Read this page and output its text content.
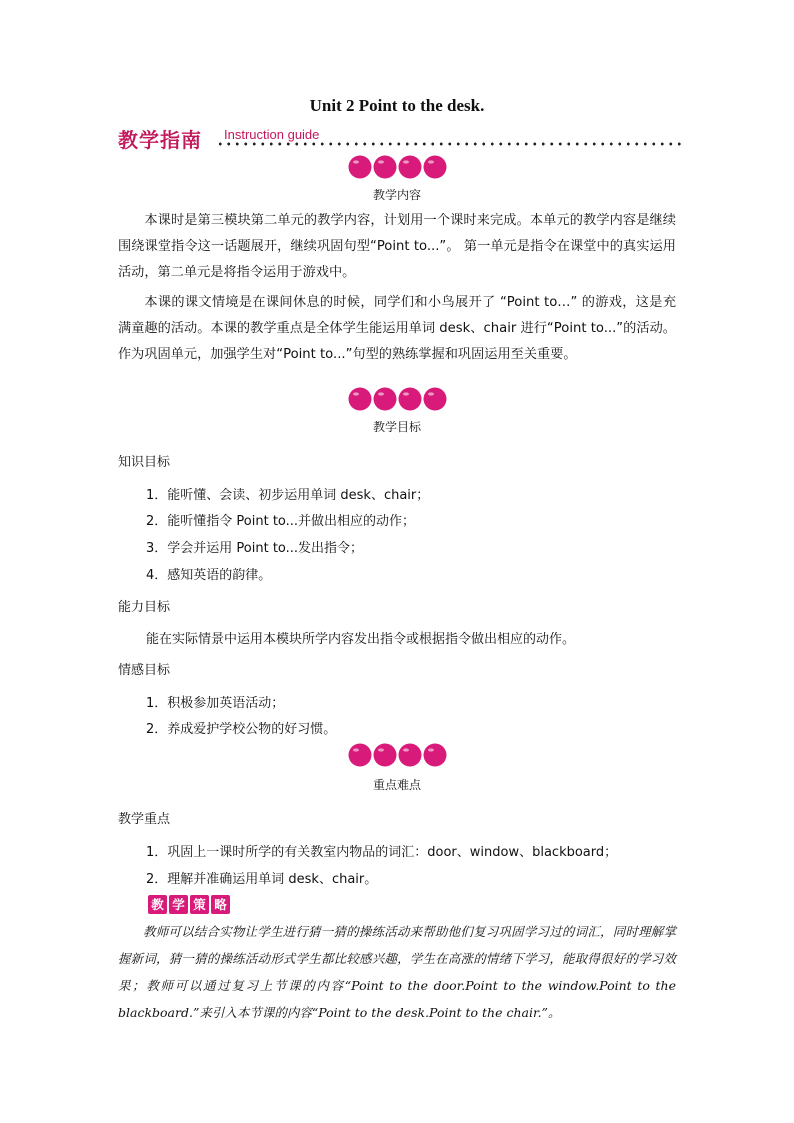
Unit 2 Point to the desk.
教学指南 Instruction guide
教学内容
本课时是第三模块第二单元的教学内容，计划用一个课时来完成。本单元的教学内容是继续围绕课堂指令这一话题展开，继续巩固句型“Point to...”。 第一单元是指令在课堂中的真实运用活动，第二单元是将指令运用于游戏中。
本课的课文情境是在课间休息的时候，同学们和小鸟展开了 “Point to…” 的游戏，这是充满童趣的活动。本课的教学重点是全体学生能运用单词 desk、chair 进行“Point to...”的活动。作为巩固单元，加强学生对“Point to...”句型的熟练掌握和巩固运用至关重要。
教学目标
知识目标
1．能听懂、会读、初步运用单词 desk、chair；
2．能听懂指令 Point to...并做出相应的动作；
3．学会并运用 Point to...发出指令；
4．感知英语的韵律。
能力目标
能在实际情景中运用本模块所学内容发出指令或根据指令做出相应的动作。
情感目标
1．积极参加英语活动；
2．养成爱护学校公物的好习惯。
重点难点
教学重点
1．巩固上一课时所学的有关教室内物品的词汇：door、window、blackboard；
2．理解并准确运用单词 desk、chair。
教 学 策 略
教师可以结合实物让学生进行猜一猜的操练活动来帮助他们复习巩固学习过的词汇，同时理解掌握新词，猜一猜的操练活动形式学生都比较感兴趣，学生在高涨的情绪下学习，能取得很好的学习效果；教师可以通过复习上节课的内容“Point to the door.Point to the window.Point to the blackboard.”来引入本节课的内容“Point to the desk.Point to the chair.”。
